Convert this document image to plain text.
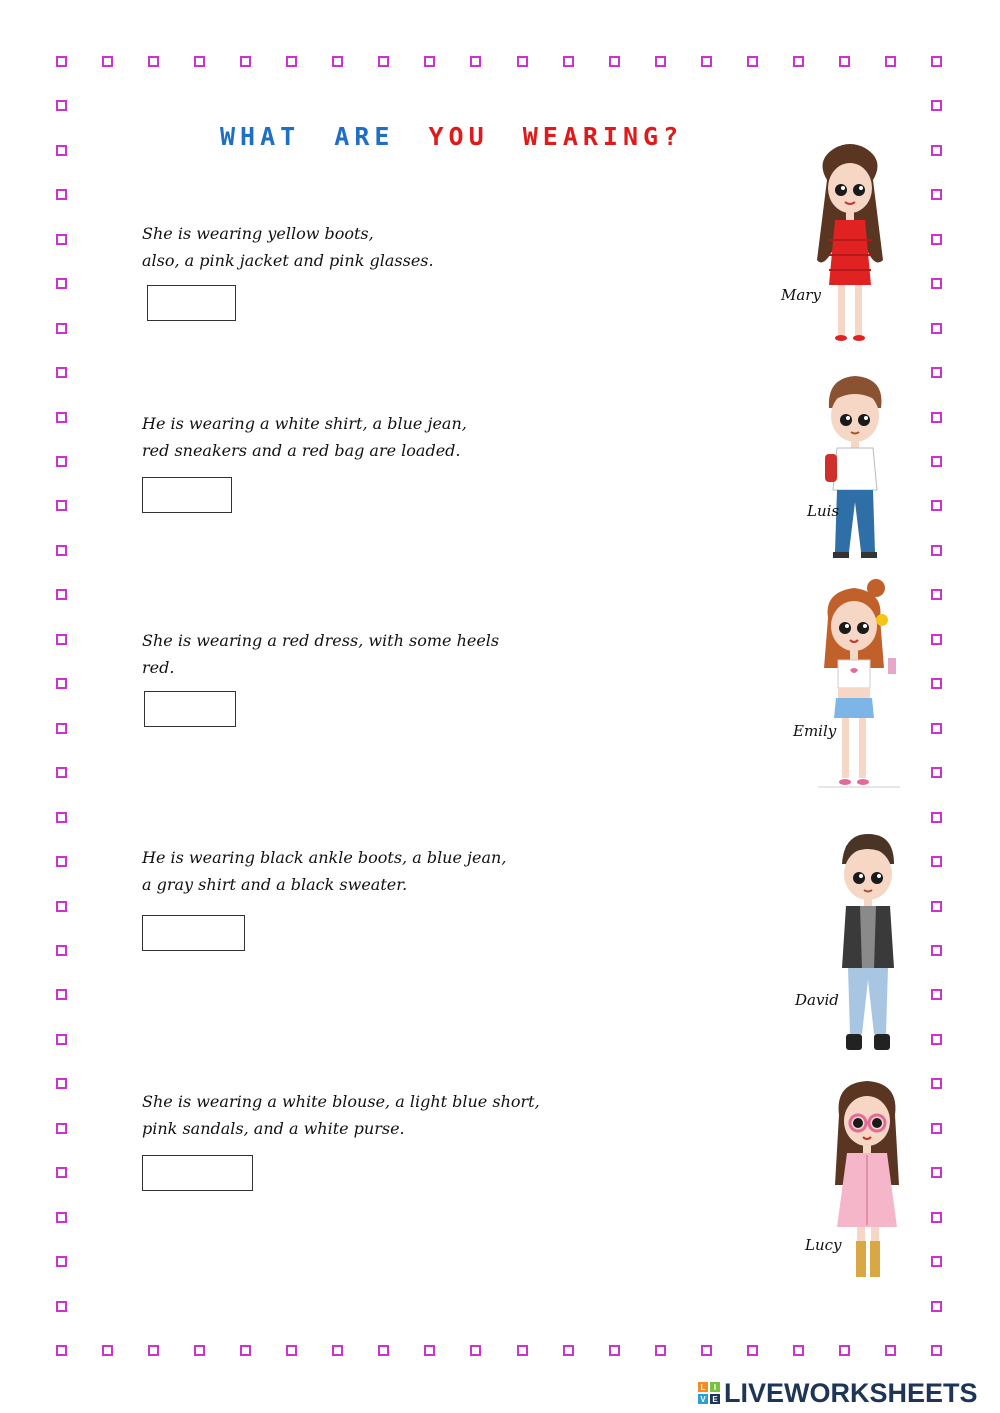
WHAT ARE YOU WEARING?

She is wearing yellow boots,
also, a pink jacket and pink glasses.

He is wearing a white shirt, a blue jean,
red sneakers and a red bag are loaded.

She is wearing a red dress, with some heels
red.

He is wearing black ankle boots, a blue jean,
a gray shirt and a black sweater.

She is wearing a white blouse, a light blue short,
pink sandals, and a white purse.

Mary
Luis
Emily
David
Lucy
L I
V E LIVEWORKSHEETS
